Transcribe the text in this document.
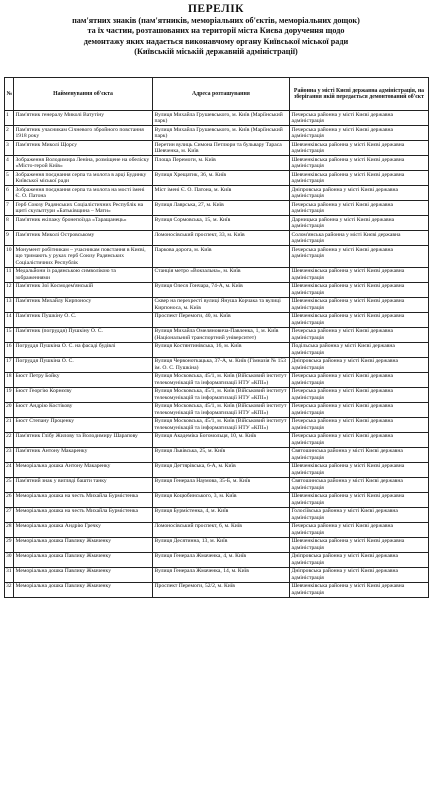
ПЕРЕЛІК
пам'ятних знаків (пам'ятників, меморіальних об'єктів, меморіальних дощок)
та їх частин, розташованих на території міста Києва доручення щодо
демонтажу яких надається виконавчому органу Київської міської ради
(Київській міській державній адміністрації)
№	Найменування об'єкта	Адреса розташування	Районна у місті Києві державна адміністрація, на зберігання якій передається демонтований об'єкт
1	Пам'ятник генералу Миколі Ватутіну	Вулиця Михайла Грушевського, м. Київ (Маріїнський парк)	Печерська районна у місті Києві державна адміністрація
2	Пам'ятник учасникам Січневого збройного повстання 1918 року	Вулиця Михайла Грушевського, м. Київ (Маріїнський парк)	Печерська районна у місті Києві державна адміністрація
3	Пам'ятник Миколі Щорсу	Перетин вулиць Симона Петлюри та бульвару Тараса Шевченка, м. Київ	Шевченківська районна у місті Києві державна адміністрація
4	Зображення Володимира Леніна, розміщене на обеліску «Місто-герой Київ»	Площа Перемоги, м. Київ	Шевченківська районна у місті Києві державна адміністрація
5	Зображення поєднання серпа та молота в арці Будинку Київської міської ради	Вулиця Хрещатик, 36, м. Київ	Шевченківська районна у місті Києві державна адміністрація
6	Зображення поєднання серпа та молота на мості імені Є. О. Патона	Міст імені Є. О. Патона, м. Київ	Дніпровська районна у місті Києві державна адміністрація
7	Герб Союзу Радянських Соціалістичних Республік на щиті скульптури «Батьківщина – Мати»	Вулиця Лаврська, 27, м. Київ	Печерська районна у місті Києві державна адміністрація
8	Пам'ятник екіпажу бронепоїзда «Таращанець»	Вулиця Сормовська, 15, м. Київ	Дарницька районна у місті Києві державна адміністрація
9	Пам'ятник Миколі Островському	Ломоносівський проспект, 33, м. Київ	Солом'янська районна у місті Києві державна адміністрація
10	Монумент робітникам – учасникам повстання в Києві, що тримають у руках герб Союзу Радянських Соціалістичних Республік	Паркова дорога, м. Київ	Печерська районна у місті Києві державна адміністрація
11	Медальйони із радянською символікою та зображеннями	Станція метро «Вокзальна», м. Київ	Шевченківська районна у місті Києві державна адміністрація
12	Пам'ятник Зої Космодем'янській	Вулиця Олеся Гончара, 74-А, м. Київ	Шевченківська районна у місті Києві державна адміністрація
13	Пам'ятник Михайлу Кирпоносу	Сквер на перехресті вулиці Януша Корчака та вулиці Кирпоноса, м. Київ	Шевченківська районна у місті Києві державна адміністрація
14	Пам'ятник Пушкіну О. С.	Проспект Перемоги, 40, м. Київ	Шевченківська районна у місті Києві державна адміністрація
15	Пам'ятник (погруддя) Пушкіну О. С.	Вулиця Михайла Омеляновича-Павленка, 1, м. Київ (Національний транспортний університет)	Печерська районна у місті Києві державна адміністрація
16	Погруддя Пушкіна О. С. на фасаді будівлі	Вулиця Костянтинівська, 16, м. Київ	Подільська районна у місті Києві державна адміністрація
17	Погруддя Пушкіна О. С.	Вулиця Червоноткацька, 37-А, м. Київ (Гімназія № 153 ім. О. С. Пушкіна)	Дніпровська районна у місті Києві державна адміністрація
18	Бюст Петру Бойку	Вулиця Московська, 45/1, м. Київ (Військовий інститут телекомунікацій та інформатизації НТУ «КПІ»)	Печерська районна у місті Києві державна адміністрація
19	Бюст Георгію Корнєєву	Вулиця Московська, 45/1, м. Київ (Військовий інститут телекомунікацій та інформатизації НТУ «КПІ»)	Печерська районна у місті Києві державна адміністрація
20	Бюст Андрію Костікову	Вулиця Московська, 45/1, м. Київ (Військовий інститут телекомунікацій та інформатизації НТУ «КПІ»)	Печерська районна у місті Києві державна адміністрація
21	Бюст Степану Проценку	Вулиця Московська, 45/1, м. Київ (Військовий інститут телекомунікацій та інформатизації НТУ «КПІ»)	Печерська районна у місті Києві державна адміністрація
22	Пам'ятник Глібу Жилову та Володимиру Шарапову	Вулиця Академіка Богомольця, 10, м. Київ	Печерська районна у місті Києві державна адміністрація
23	Пам'ятник Антону Макаренку	Вулиця Львівська, 25, м. Київ	Святошинська районна у місті Києві державна адміністрація
24	Меморіальна дошка Антону Макаренку	Вулиця Дегтярівська, 6-А, м. Київ	Шевченківська районна у місті Києві державна адміністрація
25	Пам'ятний знак у вигляді башти танку	Вулиця Генерала Наумова, 35-Б, м. Київ	Святошинська районна у місті Києві державна адміністрація
26	Меморіальна дошка на честь Михайла Бурмістенка	Вулиця Коцюбинського, 3, м. Київ	Шевченківська районна у місті Києві державна адміністрація
27	Меморіальна дошка на честь Михайла Бурмістенка	Вулиця Бурмістенка, 4, м. Київ	Голосіївська районна у місті Києві державна адміністрація
28	Меморіальна дошка Андрію Гречку	Ломоносівський проспект, 6, м. Київ	Печерська районна у місті Києві державна адміністрація
29	Меморіальна дошка Павлику Жмаченку	Вулиця Десятинна, 13, м. Київ	Шевченківська районна у місті Києві державна адміністрація
30	Меморіальна дошка Павлику Жмаченку	Вулиця Генерала Жмаченка, 4, м. Київ	Дніпровська районна у місті Києві державна адміністрація
31	Меморіальна дошка Павлику Жмаченку	Вулиця Генерала Жмаченка, 14, м. Київ	Дніпровська районна у місті Києві державна адміністрація
32	Меморіальна дошка Павлику Жмаченку	Проспект Перемоги, 52/2, м. Київ	Шевченківська районна у місті Києві державна адміністрація
